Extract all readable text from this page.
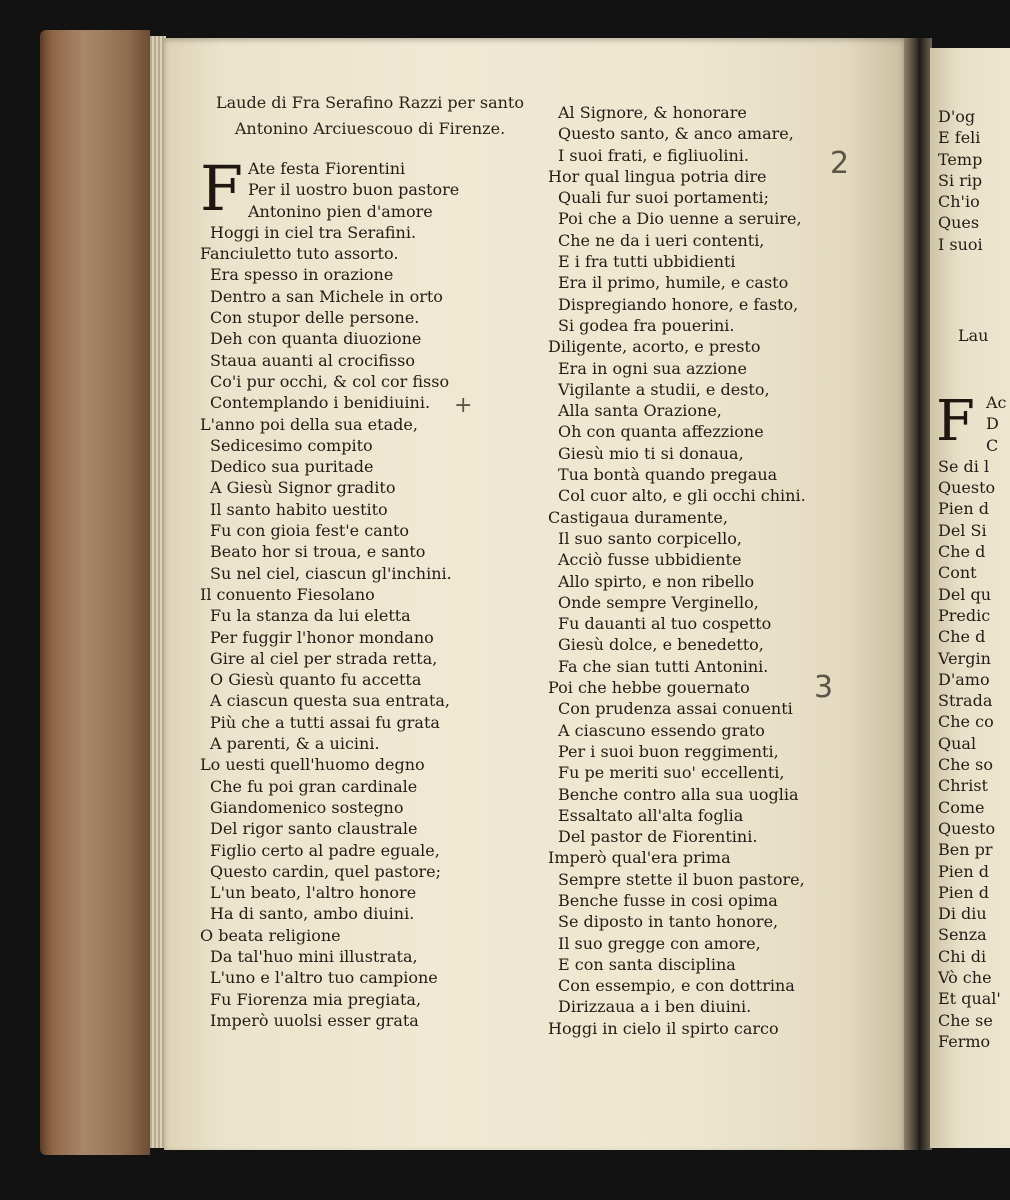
Laude di Fra Serafino Razzi per santo
Antonino Arciuescouo di Firenze.
F Ate festa Fiorentini
Per il uostro buon pastore
Antonino pien d'amore
Hoggi in ciel tra Serafini.
Fanciuletto tuto assorto.
Era spesso in orazione
Dentro a san Michele in orto
Con stupor delle persone.
Deh con quanta diuozione
Staua auanti al crocifisso
Co'i pur occhi, & col cor fisso
Contemplando i benidiuini.
L'anno poi della sua etade,
Sedicesimo compito
Dedico sua puritade
A Giesù Signor gradito
Il santo habito uestito
Fu con gioia fest'e canto
Beato hor si troua, e santo
Su nel ciel, ciascun gl'inchini.
Il conuento Fiesolano
Fu la stanza da lui eletta
Per fuggir l'honor mondano
Gire al ciel per strada retta,
O Giesù quanto fu accetta
A ciascun questa sua entrata,
Più che a tutti assai fu grata
A parenti, & a uicini.
Lo uesti quell'huomo degno
Che fu poi gran cardinale
Giandomenico sostegno
Del rigor santo claustrale
Figlio certo al padre eguale,
Questo cardin, quel pastore;
L'un beato, l'altro honore
Ha di santo, ambo diuini.
O beata religione
Da tal'huo mini illustrata,
L'uno e l'altro tuo campione
Fu Fiorenza mia pregiata,
Imperò uuolsi esser grata
Al Signore, & honorare
Questo santo, & anco amare,
I suoi frati, e figliuolini.
Hor qual lingua potria dire
Quali fur suoi portamenti;
Poi che a Dio uenne a seruire,
Che ne da i ueri contenti,
E i fra tutti ubbidienti
Era il primo, humile, e casto
Dispregiando honore, e fasto,
Si godea fra pouerini.
Diligente, acorto, e presto
Era in ogni sua azzione
Vigilante a studii, e desto,
Alla santa Orazione,
Oh con quanta affezzione
Giesù mio ti si donaua,
Tua bontà quando pregaua
Col cuor alto, e gli occhi chini.
Castigaua duramente,
Il suo santo corpicello,
Acciò fusse ubbidiente
Allo spirto, e non ribello
Onde sempre Verginello,
Fu dauanti al tuo cospetto
Giesù dolce, e benedetto,
Fa che sian tutti Antonini.
Poi che hebbe gouernato
Con prudenza assai conuenti
A ciascuno essendo grato
Per i suoi buon reggimenti,
Fu pe meriti suo' eccellenti,
Benche contro alla sua uoglia
Essaltato all'alta foglia
Del pastor de Fiorentini.
Imperò qual'era prima
Sempre stette il buon pastore,
Benche fusse in cosi opima
Se diposto in tanto honore,
Il suo gregge con amore,
E con santa disciplina
Con essempio, e con dottrina
Dirizzaua a i ben diuini.
Hoggi in cielo il spirto carco
D'og
E feli
Temp
Si rip
Ch'io
Ques
I suoi
Lau
F Ac
D
C
Se di l
Questo
Pien d
Del Si
Che d
Cont
Del qu
Predic
Che d
Vergin
D'amo
Strada
Che co
Qual
Che so
Christ
Come
Questo
Ben pr
Pien d
Pien d
Di diu
Senza
Chi di
Vò che
Et qual'
Che se
Fermo
+
2
3
